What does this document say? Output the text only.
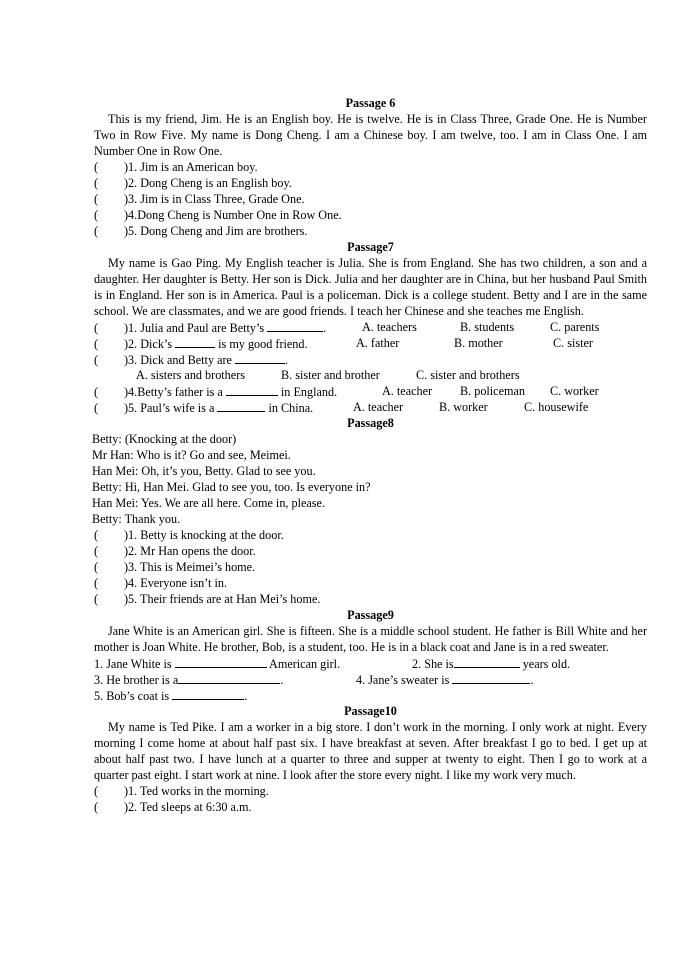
Passage 6
This is my friend, Jim. He is an English boy. He is twelve. He is in Class Three, Grade One. He is Number Two in Row Five. My name is Dong Cheng. I am a Chinese boy. I am twelve, too. I am in Class One. I am Number One in Row One.
( )1. Jim is an American boy.
( )2. Dong Cheng is an English boy.
( )3. Jim is in Class Three, Grade One.
( )4.Dong Cheng is Number One in Row One.
( )5. Dong Cheng and Jim are brothers.
Passage7
My name is Gao Ping. My English teacher is Julia. She is from England. She has two children, a son and a daughter. Her daughter is Betty. Her son is Dick. Julia and her daughter are in China, but her husband Paul Smith is in England. Her son is in America. Paul is a policeman. Dick is a college student. Betty and I are in the same school. We are classmates, and we are good friends. I teach her Chinese and she teaches me English.
( )1. Julia and Paul are Betty’s	.	A. teachers	B. students	C. parents
( )2. Dick’s	is my good friend.	A. father	B. mother	C. sister
( )3. Dick and Betty are	.
A. sisters and brothers	B. sister and brother	C. sister and brothers
( )4.Betty’s father is a	in England.	A. teacher B. policeman C. worker
( )5. Paul’s wife is a	in China.	A. teacher	B. worker	C. housewife
Passage8
Betty: (Knocking at the door)
Mr Han: Who is it? Go and see, Meimei.
Han Mei: Oh, it’s you, Betty. Glad to see you.
Betty: Hi, Han Mei. Glad to see you, too. Is everyone in?
Han Mei: Yes. We are all here. Come in, please.
Betty: Thank you.
( )1. Betty is knocking at the door.
( )2. Mr Han opens the door.
( )3. This is Meimei’s home.
( )4. Everyone isn’t in.
( )5. Their friends are at Han Mei’s home.
Passage9
Jane White is an American girl. She is fifteen. She is a middle school student. He father is Bill White and her mother is Joan White. He brother, Bob, is a student, too. He is in a black coat and Jane is in a red sweater.
1. Jane White is	American girl.	2. She is	years old.
3. He brother is a	.	4. Jane’s sweater is	.
5. Bob’s coat is	.
Passage10
My name is Ted Pike. I am a worker in a big store. I don’t work in the morning. I only work at night. Every morning I come home at about half past six. I have breakfast at seven. After breakfast I go to bed. I get up at about half past two. I have lunch at a quarter to three and supper at twenty to eight. Then I go to work at a quarter past eight. I start work at nine. I look after the store every night. I like my work very much.
( )1. Ted works in the morning.
( )2. Ted sleeps at 6:30 a.m.
